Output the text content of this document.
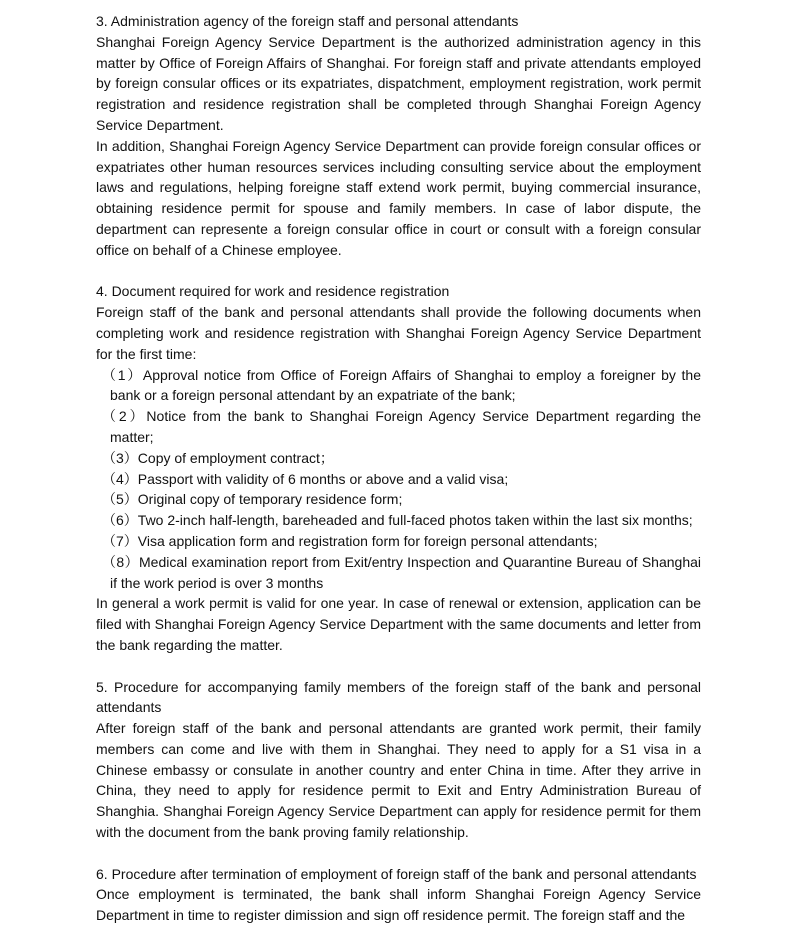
3. Administration agency of the foreign staff and personal attendants

Shanghai Foreign Agency Service Department is the authorized administration agency in this matter by Office of Foreign Affairs of Shanghai. For foreign staff and private attendants employed by foreign consular offices or its expatriates, dispatchment, employment registration, work permit registration and residence registration shall be completed through Shanghai Foreign Agency Service Department.

In addition, Shanghai Foreign Agency Service Department can provide foreign consular offices or expatriates other human resources services including consulting service about the employment laws and regulations, helping foreigne staff extend work permit, buying commercial insurance, obtaining residence permit for spouse and family members. In case of labor dispute, the department can represente a foreign consular office in court or consult with a foreign consular office on behalf of a Chinese employee.

4. Document required for work and residence registration

Foreign staff of the bank and personal attendants shall provide the following documents when completing work and residence registration with Shanghai Foreign Agency Service Department for the first time:

（1）Approval notice from Office of Foreign Affairs of Shanghai to employ a foreigner by the bank or a foreign personal attendant by an expatriate of the bank;
（2）Notice from the bank to Shanghai Foreign Agency Service Department regarding the matter;
（3）Copy of employment contract；
（4）Passport with validity of 6 months or above and a valid visa;
（5）Original copy of temporary residence form;
（6）Two 2-inch half-length, bareheaded and full-faced photos taken within the last six months;
（7）Visa application form and registration form for foreign personal attendants;
（8）Medical examination report from Exit/entry Inspection and Quarantine Bureau of Shanghai if the work period is over 3 months

In general a work permit is valid for one year. In case of renewal or extension, application can be filed with Shanghai Foreign Agency Service Department with the same documents and letter from the bank regarding the matter.

5. Procedure for accompanying family members of the foreign staff of the bank and personal attendants

After foreign staff of the bank and personal attendants are granted work permit, their family members can come and live with them in Shanghai. They need to apply for a S1 visa in a Chinese embassy or consulate in another country and enter China in time. After they arrive in China, they need to apply for residence permit to Exit and Entry Administration Bureau of Shanghia. Shanghai Foreign Agency Service Department can apply for residence permit for them with the document from the bank proving family relationship.

6. Procedure after termination of employment of foreign staff of the bank and personal attendants

Once employment is terminated, the bank shall inform Shanghai Foreign Agency Service Department in time to register dimission and sign off residence permit. The foreign staff and the
